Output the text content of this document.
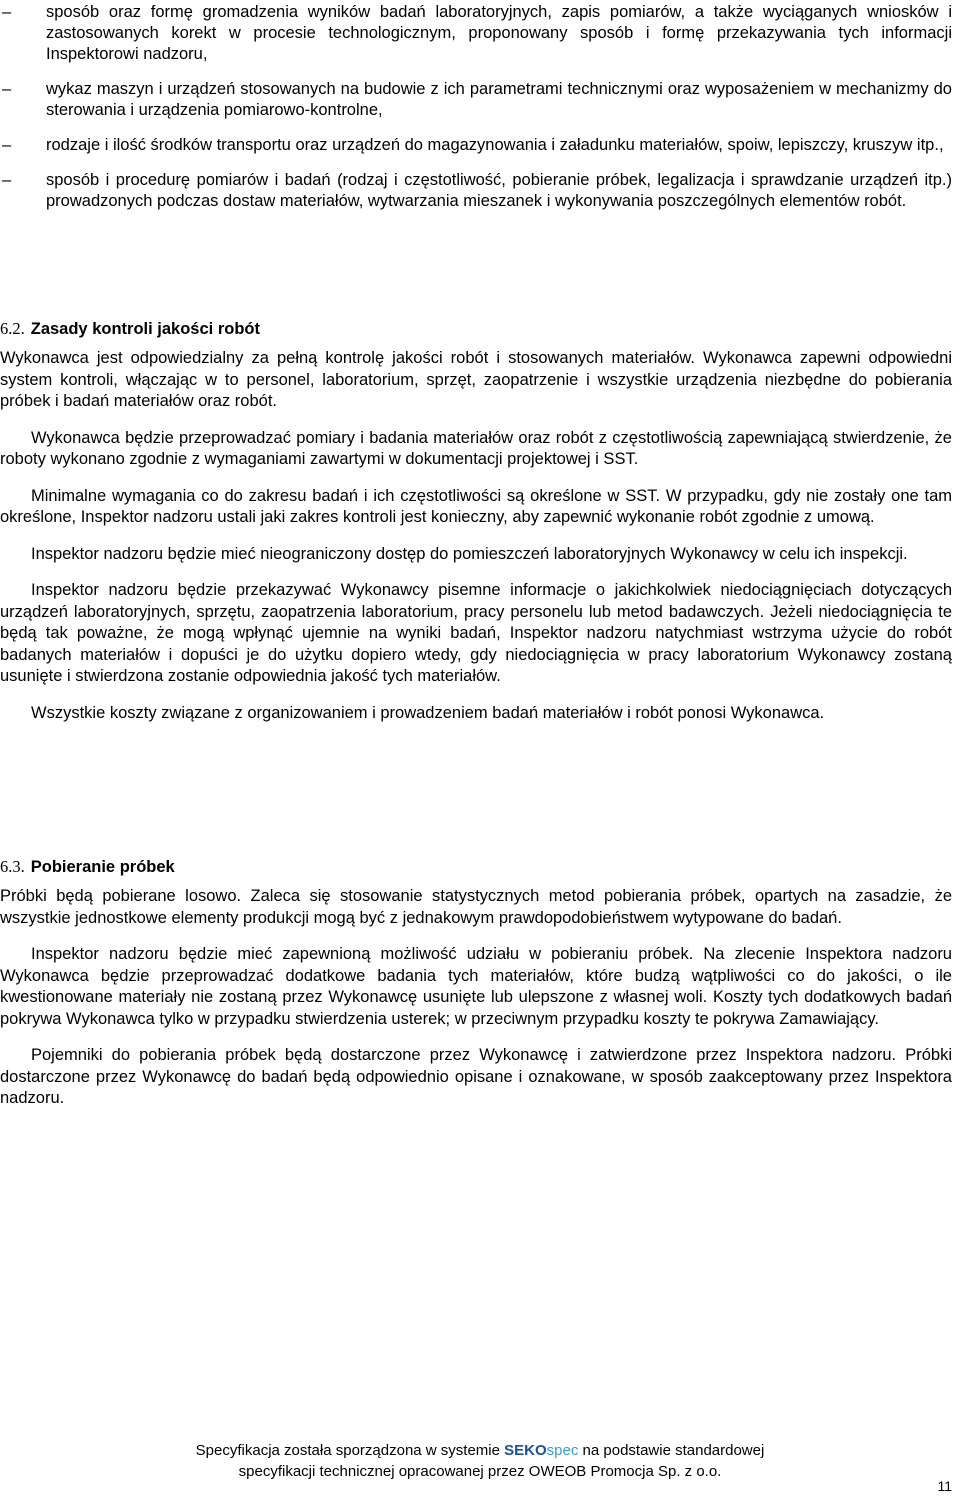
–	sposób oraz formę gromadzenia wyników badań laboratoryjnych, zapis pomiarów, a także wyciąganych wniosków i zastosowanych korekt w procesie technologicznym, proponowany sposób i formę przekazywania tych informacji Inspektorowi nadzoru,
–	wykaz maszyn i urządzeń stosowanych na budowie z ich parametrami technicznymi oraz wyposażeniem w mechanizmy do sterowania i urządzenia pomiarowo-kontrolne,
–	rodzaje i ilość środków transportu oraz urządzeń do magazynowania i załadunku materiałów, spoiw, lepiszczy, kruszyw itp.,
–	sposób i procedurę pomiarów i badań (rodzaj i częstotliwość, pobieranie próbek, legalizacja i sprawdzanie urządzeń itp.) prowadzonych podczas dostaw materiałów, wytwarzania mieszanek i wykonywania poszczególnych elementów robót.
6.2. Zasady kontroli jakości robót

Wykonawca jest odpowiedzialny za pełną kontrolę jakości robót i stosowanych materiałów. Wykonawca zapewni odpowiedni system kontroli, włączając w to personel, laboratorium, sprzęt, zaopatrzenie i wszystkie urządzenia niezbędne do pobierania próbek i badań materiałów oraz robót.

Wykonawca będzie przeprowadzać pomiary i badania materiałów oraz robót z częstotliwością zapewniającą stwierdzenie, że roboty wykonano zgodnie z wymaganiami zawartymi w dokumentacji projektowej i SST.

Minimalne wymagania co do zakresu badań i ich częstotliwości są określone w SST. W przypadku, gdy nie zostały one tam określone, Inspektor nadzoru ustali jaki zakres kontroli jest konieczny, aby zapewnić wykonanie robót zgodnie z umową.

Inspektor nadzoru będzie mieć nieograniczony dostęp do pomieszczeń laboratoryjnych Wykonawcy w celu ich inspekcji.

Inspektor nadzoru będzie przekazywać Wykonawcy pisemne informacje o jakichkolwiek niedociągnięciach dotyczących urządzeń laboratoryjnych, sprzętu, zaopatrzenia laboratorium, pracy personelu lub metod badawczych. Jeżeli niedociągnięcia te będą tak poważne, że mogą wpłynąć ujemnie na wyniki badań, Inspektor nadzoru natychmiast wstrzyma użycie do robót badanych materiałów i dopuści je do użytku dopiero wtedy, gdy niedociągnięcia w pracy laboratorium Wykonawcy zostaną usunięte i stwierdzona zostanie odpowiednia jakość tych materiałów.

Wszystkie koszty związane z organizowaniem i prowadzeniem badań materiałów i robót ponosi Wykonawca.

6.3. Pobieranie próbek

Próbki będą pobierane losowo. Zaleca się stosowanie statystycznych metod pobierania próbek, opartych na zasadzie, że wszystkie jednostkowe elementy produkcji mogą być z jednakowym prawdopodobieństwem wytypowane do badań.

Inspektor nadzoru będzie mieć zapewnioną możliwość udziału w pobieraniu próbek. Na zlecenie Inspektora nadzoru Wykonawca będzie przeprowadzać dodatkowe badania tych materiałów, które budzą wątpliwości co do jakości, o ile kwestionowane materiały nie zostaną przez Wykonawcę usunięte lub ulepszone z własnej woli. Koszty tych dodatkowych badań pokrywa Wykonawca tylko w przypadku stwierdzenia usterek; w przeciwnym przypadku koszty te pokrywa Zamawiający.

Pojemniki do pobierania próbek będą dostarczone przez Wykonawcę i zatwierdzone przez Inspektora nadzoru. Próbki dostarczone przez Wykonawcę do badań będą odpowiednio opisane i oznakowane, w sposób zaakceptowany przez Inspektora nadzoru.

Specyfikacja została sporządzona w systemie SEKOspec na podstawie standardowej
specyfikacji technicznej opracowanej przez OWEOB Promocja Sp. z o.o.
11
